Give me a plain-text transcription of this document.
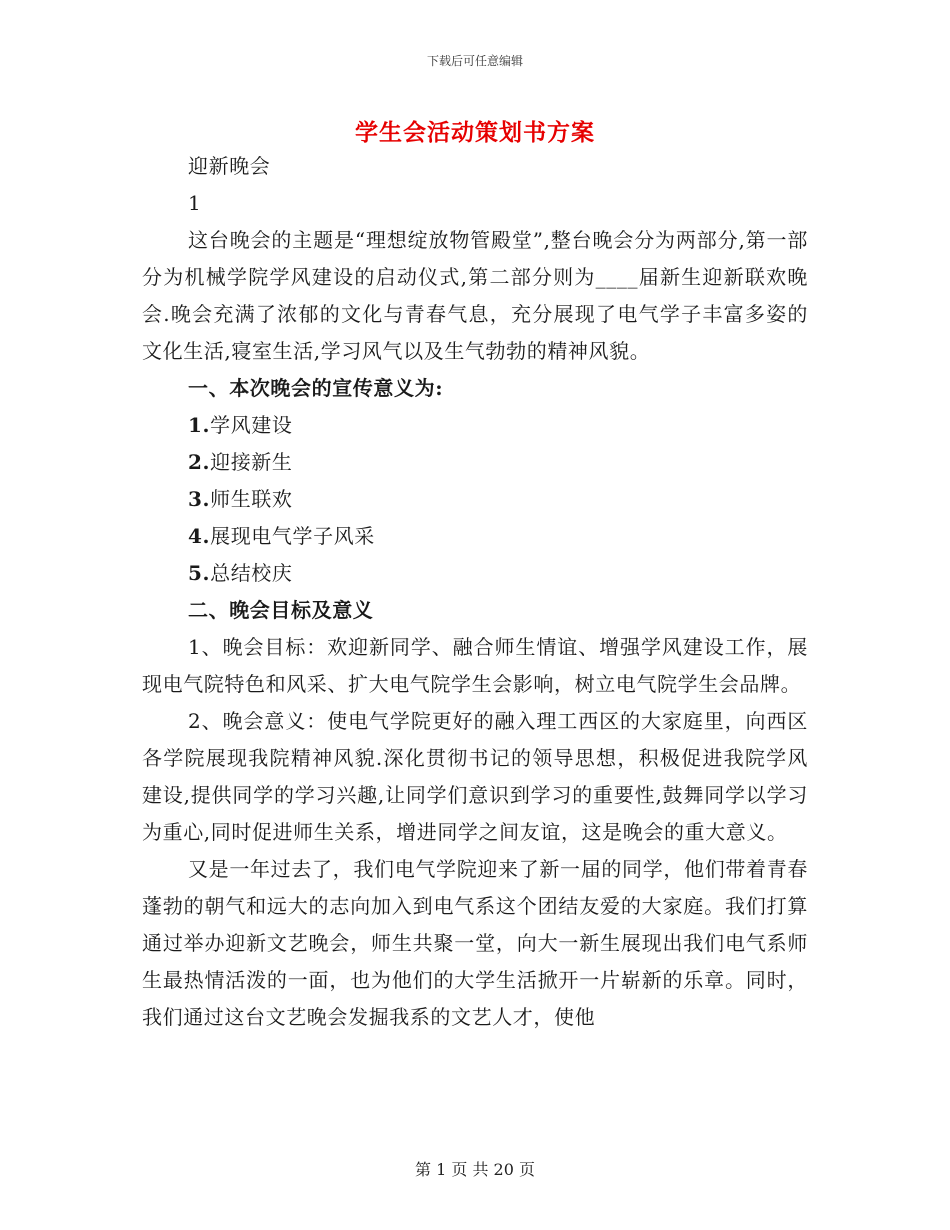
下载后可任意编辑
学生会活动策划书方案

迎新晚会

1

这台晚会的主题是“理想绽放物管殿堂”,整台晚会分为两部分,第一部分为机械学院学风建设的启动仪式,第二部分则为____届新生迎新联欢晚会.晚会充满了浓郁的文化与青春气息，充分展现了电气学子丰富多姿的文化生活,寝室生活,学习风气以及生气勃勃的精神风貌。

一、本次晚会的宣传意义为:

1.学风建设

2.迎接新生

3.师生联欢

4.展现电气学子风采

5.总结校庆

二、晚会目标及意义

1、晚会目标：欢迎新同学、融合师生情谊、增强学风建设工作，展现电气院特色和风采、扩大电气院学生会影响，树立电气院学生会品牌。

2、晚会意义：使电气学院更好的融入理工西区的大家庭里，向西区各学院展现我院精神风貌.深化贯彻书记的领导思想，积极促进我院学风建设,提供同学的学习兴趣,让同学们意识到学习的重要性,鼓舞同学以学习为重心,同时促进师生关系，增进同学之间友谊，这是晚会的重大意义。

又是一年过去了，我们电气学院迎来了新一届的同学，他们带着青春蓬勃的朝气和远大的志向加入到电气系这个团结友爱的大家庭。我们打算通过举办迎新文艺晚会，师生共聚一堂，向大一新生展现出我们电气系师生最热情活泼的一面，也为他们的大学生活掀开一片崭新的乐章。同时，我们通过这台文艺晚会发掘我系的文艺人才，使他

第 1 页 共 20 页
